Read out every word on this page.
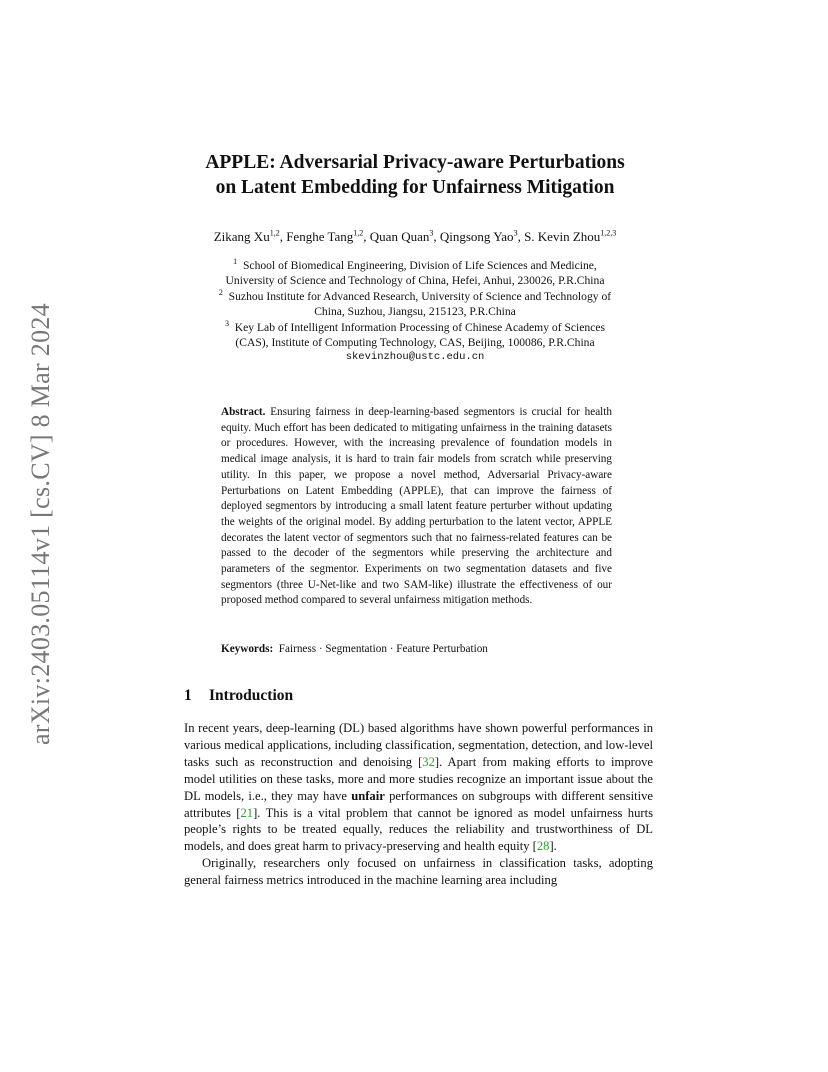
arXiv:2403.05114v1 [cs.CV] 8 Mar 2024
APPLE: Adversarial Privacy-aware Perturbations
on Latent Embedding for Unfairness Mitigation
Zikang Xu$^{1,2}$, Fenghe Tang$^{1,2}$, Quan Quan$^3$, Qingsong Yao$^3$, S. Kevin Zhou$^{1,2,3}$
$^1$ School of Biomedical Engineering, Division of Life Sciences and Medicine,
University of Science and Technology of China, Hefei, Anhui, 230026, P.R.China
$^2$ Suzhou Institute for Advanced Research, University of Science and Technology of
China, Suzhou, Jiangsu, 215123, P.R.China
$^3$ Key Lab of Intelligent Information Processing of Chinese Academy of Sciences
(CAS), Institute of Computing Technology, CAS, Beijing, 100086, P.R.China
skevinzhou@ustc.edu.cn
Abstract. Ensuring fairness in deep-learning-based segmentors is crucial for health equity. Much effort has been dedicated to mitigating unfairness in the training datasets or procedures. However, with the increasing prevalence of foundation models in medical image analysis, it is hard to train fair models from scratch while preserving utility. In this paper, we propose a novel method, Adversarial Privacy-aware Perturbations on Latent Embedding (APPLE), that can improve the fairness of deployed segmentors by introducing a small latent feature perturber without updating the weights of the original model. By adding perturbation to the latent vector, APPLE decorates the latent vector of segmentors such that no fairness-related features can be passed to the decoder of the segmentors while preserving the architecture and parameters of the segmentor. Experiments on two segmentation datasets and five segmentors (three U-Net-like and two SAM-like) illustrate the effectiveness of our proposed method compared to several unfairness mitigation methods.
Keywords: Fairness · Segmentation · Feature Perturbation
1 Introduction

In recent years, deep-learning (DL) based algorithms have shown powerful performances in various medical applications, including classification, segmentation, detection, and low-level tasks such as reconstruction and denoising [32]. Apart from making efforts to improve model utilities on these tasks, more and more studies recognize an important issue about the DL models, i.e., they may have unfair performances on subgroups with different sensitive attributes [21]. This is a vital problem that cannot be ignored as model unfairness hurts people’s rights to be treated equally, reduces the reliability and trustworthiness of DL models, and does great harm to privacy-preserving and health equity [28].

Originally, researchers only focused on unfairness in classification tasks, adopting general fairness metrics introduced in the machine learning area including
